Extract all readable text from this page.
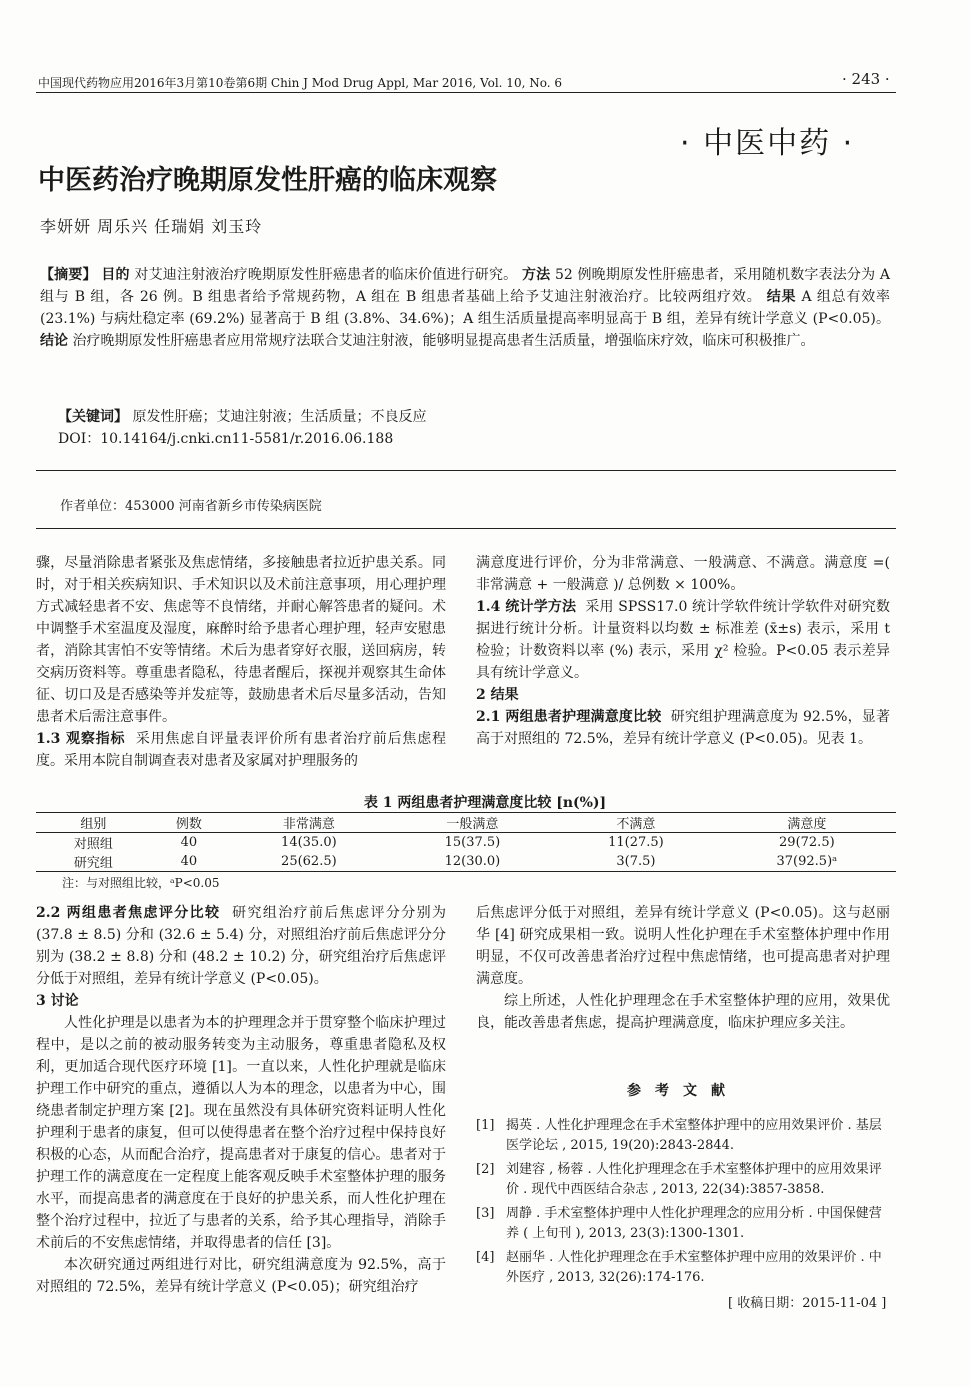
中国现代药物应用2016年3月第10卷第6期 Chin J Mod Drug Appl, Mar 2016, Vol. 10, No. 6	· 243 ·
· 中医中药 ·
中医药治疗晚期原发性肝癌的临床观察
李妍妍 周乐兴 任瑞娟 刘玉玲
【摘要】 目的 对艾迪注射液治疗晚期原发性肝癌患者的临床价值进行研究。 方法 52 例晚期原发性肝癌患者，采用随机数字表法分为 A 组与 B 组，各 26 例。B 组患者给予常规药物，A 组在 B 组患者基础上给予艾迪注射液治疗。比较两组疗效。 结果 A 组总有效率 (23.1%) 与病灶稳定率 (69.2%) 显著高于 B 组 (3.8%、34.6%)；A 组生活质量提高率明显高于 B 组，差异有统计学意义 (P<0.05)。 结论 治疗晚期原发性肝癌患者应用常规疗法联合艾迪注射液，能够明显提高患者生活质量，增强临床疗效，临床可积极推广。
【关键词】 原发性肝癌；艾迪注射液；生活质量；不良反应
DOI：10.14164/j.cnki.cn11-5581/r.2016.06.188
作者单位：453000 河南省新乡市传染病医院

骤，尽量消除患者紧张及焦虑情绪，多接触患者拉近护患关系。同时，对于相关疾病知识、手术知识以及术前注意事项，用心理护理方式减轻患者不安、焦虑等不良情绪，并耐心解答患者的疑问。术中调整手术室温度及湿度，麻醉时给予患者心理护理，轻声安慰患者，消除其害怕不安等情绪。术后为患者穿好衣服，送回病房，转交病历资料等。尊重患者隐私，待患者醒后，探视并观察其生命体征、切口及是否感染等并发症等，鼓励患者术后尽量多活动，告知患者术后需注意事件。

1.3 观察指标 采用焦虑自评量表评价所有患者治疗前后焦虑程度。采用本院自制调查表对患者及家属对护理服务的

满意度进行评价，分为非常满意、一般满意、不满意。满意度 =( 非常满意 + 一般满意 )/ 总例数 × 100%。

1.4 统计学方法 采用 SPSS17.0 统计学软件统计学软件对研究数据进行统计分析。计量资料以均数 ± 标准差 (x̄±s) 表示，采用 t 检验；计数资料以率 (%) 表示，采用 χ² 检验。P<0.05 表示差异具有统计学意义。

2 结果

2.1 两组患者护理满意度比较 研究组护理满意度为 92.5%，显著高于对照组的 72.5%，差异有统计学意义 (P<0.05)。见表 1。

表 1 两组患者护理满意度比较 [n(%)]
组别	例数	非常满意	一般满意	不满意	满意度
对照组	40	14(35.0)	15(37.5)	11(27.5)	29(72.5)
研究组	40	25(62.5)	12(30.0)	3(7.5)	37(92.5)ᵃ
注：与对照组比较，ᵃP<0.05

2.2 两组患者焦虑评分比较 研究组治疗前后焦虑评分分别为 (37.8 ± 8.5) 分和 (32.6 ± 5.4) 分，对照组治疗前后焦虑评分分别为 (38.2 ± 8.8) 分和 (48.2 ± 10.2) 分，研究组治疗后焦虑评分低于对照组，差异有统计学意义 (P<0.05)。

3 讨论

人性化护理是以患者为本的护理理念并于贯穿整个临床护理过程中，是以之前的被动服务转变为主动服务，尊重患者隐私及权利，更加适合现代医疗环境 [1]。一直以来，人性化护理就是临床护理工作中研究的重点，遵循以人为本的理念，以患者为中心，围绕患者制定护理方案 [2]。现在虽然没有具体研究资料证明人性化护理利于患者的康复，但可以使得患者在整个治疗过程中保持良好积极的心态，从而配合治疗，提高患者对于康复的信心。患者对于护理工作的满意度在一定程度上能客观反映手术室整体护理的服务水平，而提高患者的满意度在于良好的护患关系，而人性化护理在整个治疗过程中，拉近了与患者的关系，给予其心理指导，消除手术前后的不安焦虑情绪，并取得患者的信任 [3]。

本次研究通过两组进行对比，研究组满意度为 92.5%，高于对照组的 72.5%，差异有统计学意义 (P<0.05)；研究组治疗

后焦虑评分低于对照组，差异有统计学意义 (P<0.05)。这与赵丽华 [4] 研究成果相一致。说明人性化护理在手术室整体护理中作用明显，不仅可改善患者治疗过程中焦虑情绪，也可提高患者对护理满意度。

综上所述，人性化护理理念在手术室整体护理的应用，效果优良，能改善患者焦虑，提高护理满意度，临床护理应多关注。

参考文献
[1] 揭英 . 人性化护理理念在手术室整体护理中的应用效果评价 . 基层医学论坛 , 2015, 19(20):2843-2844.
[2] 刘建容 , 杨蓉 . 人性化护理理念在手术室整体护理中的应用效果评价 . 现代中西医结合杂志 , 2013, 22(34):3857-3858.
[3] 周静 . 手术室整体护理中人性化护理理念的应用分析 . 中国保健营养 ( 上旬刊 ), 2013, 23(3):1300-1301.
[4] 赵丽华 . 人性化护理理念在手术室整体护理中应用的效果评价 . 中外医疗 , 2013, 32(26):174-176.
[ 收稿日期：2015-11-04 ]
